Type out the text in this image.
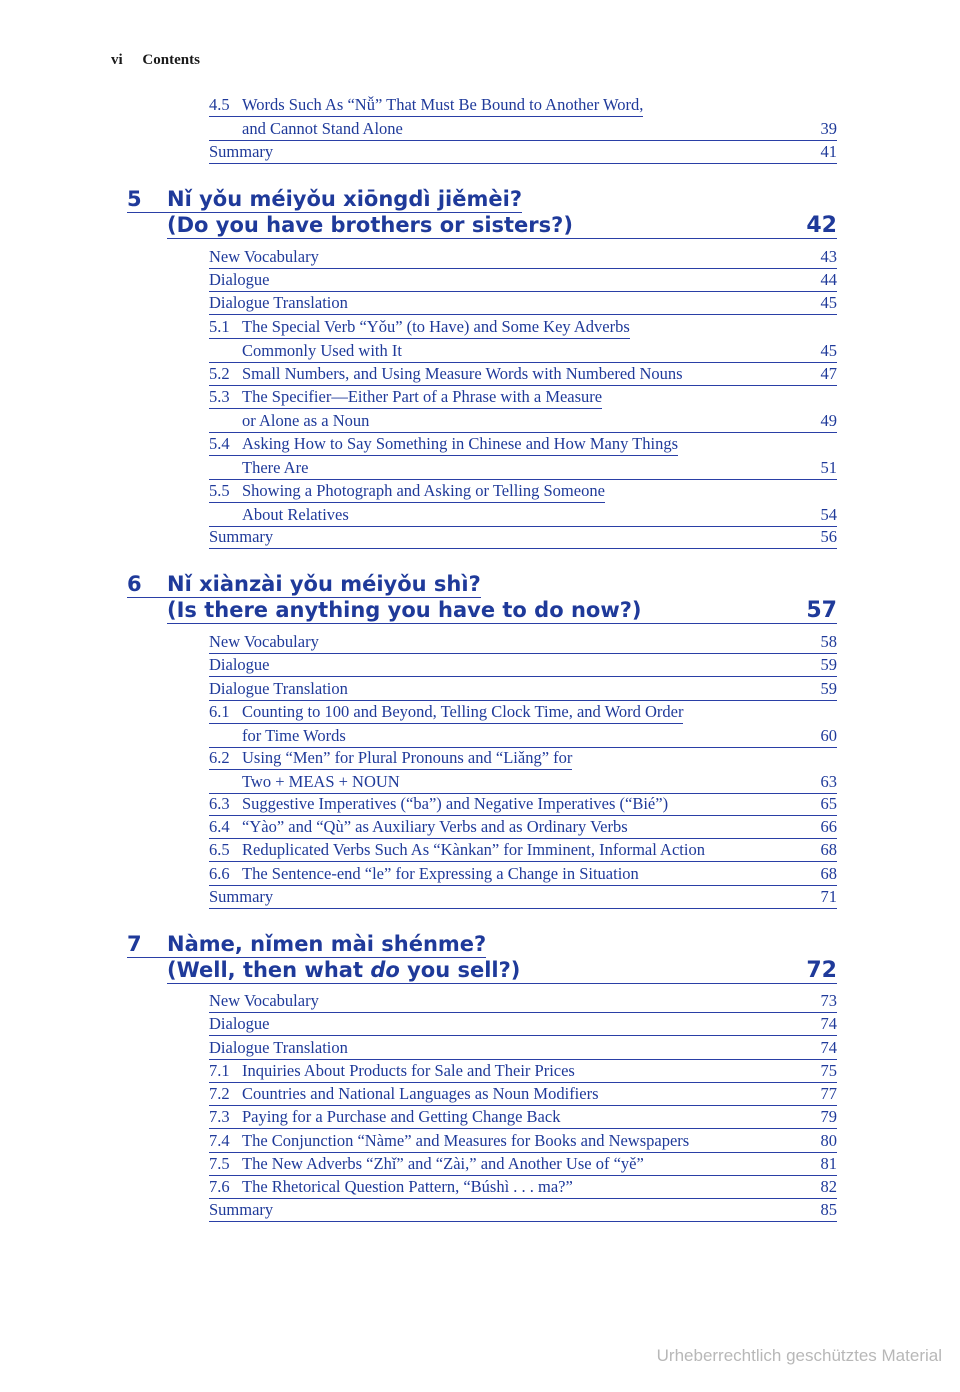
vi Contents
4.5 Words Such As “Nǚ” That Must Be Bound to Another Word,
and Cannot Stand Alone	39
Summary	41
5	Nǐ yǒu méiyǒu xiōngdì jiěmèi?
(Do you have brothers or sisters?)	42
New Vocabulary	43
Dialogue	44
Dialogue Translation	45
5.1 The Special Verb “Yǒu” (to Have) and Some Key Adverbs
Commonly Used with It	45
5.2 Small Numbers, and Using Measure Words with Numbered Nouns	47
5.3 The Specifier—Either Part of a Phrase with a Measure
or Alone as a Noun	49
5.4 Asking How to Say Something in Chinese and How Many Things
There Are	51
5.5 Showing a Photograph and Asking or Telling Someone
About Relatives	54
Summary	56
6	Nǐ xiànzài yǒu méiyǒu shì?
(Is there anything you have to do now?)	57
New Vocabulary	58
Dialogue	59
Dialogue Translation	59
6.1 Counting to 100 and Beyond, Telling Clock Time, and Word Order
for Time Words	60
6.2 Using “Men” for Plural Pronouns and “Liǎng” for
Two + MEAS + NOUN	63
6.3 Suggestive Imperatives (“ba”) and Negative Imperatives (“Bié”)	65
6.4 “Yào” and “Qù” as Auxiliary Verbs and as Ordinary Verbs	66
6.5 Reduplicated Verbs Such As “Kànkan” for Imminent, Informal Action	68
6.6 The Sentence-end “le” for Expressing a Change in Situation	68
Summary	71
7	Nàme, nǐmen mài shénme?
(Well, then what do you sell?)	72
New Vocabulary	73
Dialogue	74
Dialogue Translation	74
7.1 Inquiries About Products for Sale and Their Prices	75
7.2 Countries and National Languages as Noun Modifiers	77
7.3 Paying for a Purchase and Getting Change Back	79
7.4 The Conjunction “Nàme” and Measures for Books and Newspapers	80
7.5 The New Adverbs “Zhǐ” and “Zài,” and Another Use of “yě”	81
7.6 The Rhetorical Question Pattern, “Búshì . . . ma?”	82
Summary	85
Urheberrechtlich geschütztes Material
